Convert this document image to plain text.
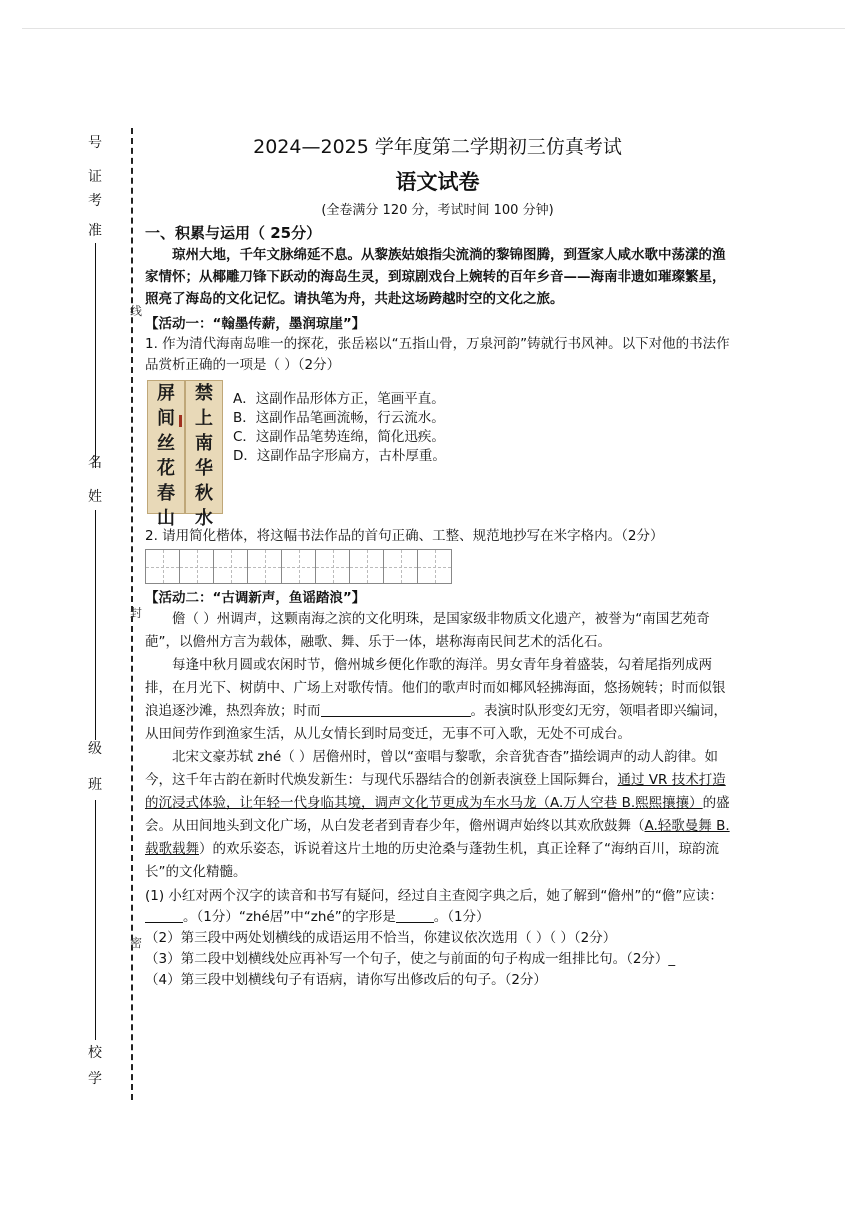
号
证
考
准
名
姓
级
班
校
学
线
封
密
2024—2025 学年度第二学期初三仿真考试
语文试卷
(全卷满分 120 分，考试时间 100 分钟)
一、积累与运用（ 25分）
琼州大地，千年文脉绵延不息。从黎族姑娘指尖流淌的黎锦图腾，到疍家人咸水歌中荡漾的渔家情怀；从椰雕刀锋下跃动的海岛生灵，到琼剧戏台上婉转的百年乡音——海南非遗如璀璨繁星，照亮了海岛的文化记忆。请执笔为舟，共赴这场跨越时空的文化之旅。
【活动一：“翰墨传薪，墨润琼崖”】
1. 作为清代海南岛唯一的探花，张岳崧以“五指山骨，万泉河韵”铸就行书风神。以下对他的书法作品赏析正确的一项是（ ）（2分）
屏
间
丝
花
春
山
禁
上
南
华
秋
水
A．这副作品形体方正，笔画平直。
B．这副作品笔画流畅，行云流水。
C．这副作品笔势连绵，简化迅疾。
D．这副作品字形扁方，古朴厚重。
2. 请用简化楷体，将这幅书法作品的首句正确、工整、规范地抄写在米字格内。（2分）
【活动二：“古调新声，鱼谣踏浪”】
儋（ ）州调声，这颗南海之滨的文化明珠，是国家级非物质文化遗产，被誉为“南国艺苑奇葩”，以儋州方言为载体，融歌、舞、乐于一体，堪称海南民间艺术的活化石。
每逢中秋月圆或农闲时节，儋州城乡便化作歌的海洋。男女青年身着盛装，勾着尾指列成两排，在月光下、树荫中、广场上对歌传情。他们的歌声时而如椰风轻拂海面，悠扬婉转；时而似银浪追逐沙滩，热烈奔放；时而	。表演时队形变幻无穷，领唱者即兴编词，从田间劳作到渔家生活，从儿女情长到时局变迁，无事不可入歌，无处不可成台。
北宋文豪苏轼 zhé（ ）居儋州时，曾以“蛮唱与黎歌，余音犹杳杳”描绘调声的动人韵律。如今，这千年古韵在新时代焕发新生：与现代乐器结合的创新表演登上国际舞台，通过 VR 技术打造的沉浸式体验，让年轻一代身临其境，调声文化节更成为车水马龙（A.万人空巷 B.熙熙攘攘）的盛会。从田间地头到文化广场，从白发老者到青春少年，儋州调声始终以其欢欣鼓舞（A.轻歌曼舞 B.载歌载舞）的欢乐姿态，诉说着这片土地的历史沧桑与蓬勃生机，真正诠释了“海纳百川，琼韵流长”的文化精髓。
(1) 小红对两个汉字的读音和书写有疑问，经过自主查阅字典之后，她了解到“儋州”的“儋”应读：。（1分）“zhé居”中“zhé”的字形是	。（1分）
（2）第三段中两处划横线的成语运用不恰当，你建议依次选用（ ）（ ）（2分）
（3）第二段中划横线处应再补写一个句子，使之与前面的句子构成一组排比句。（2分）_
（4）第三段中划横线句子有语病，请你写出修改后的句子。（2分）
